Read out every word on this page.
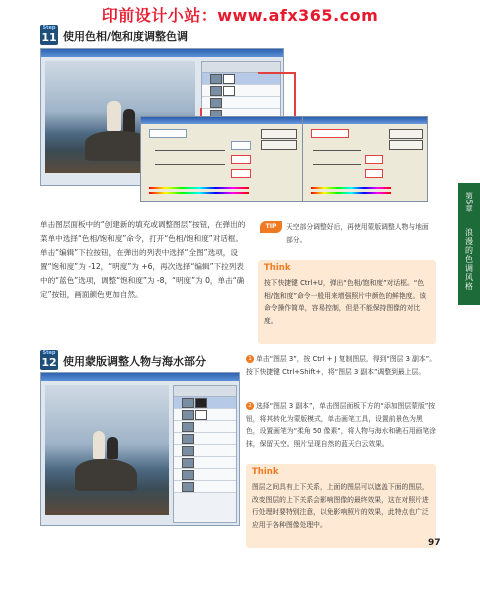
印前设计小站：www.afx365.com
Step
11 使用色相/饱和度调整色调
单击图层面板中的“创建新的填充或调整图层”按钮，在弹出的菜单中选择“色相/饱和度”命令，打开“色相/饱和度”对话框。单击“编辑”下拉按钮，在弹出的列表中选择“全图”选项，设置“饱和度”为 -12，“明度”为 +6，再次选择“编辑”下拉列表中的“蓝色”选项，调整“饱和度”为 -8，“明度”为 0，单击“确定”按钮，画面颜色更加自然。
TIP	天空部分调整好后，再使用蒙版调整人物与地面部分。
Think
按下快捷键 Ctrl+U，弹出“色相/饱和度”对话框。“色相/饱和度”命令一般用来增强照片中颜色的鲜艳度。该命令操作简单，容易控制，但是不能保持图像的对比度。
Step
12 使用蒙版调整人物与海水部分	1 单击“图层 3”，按 Ctrl + J 复制图层，得到“图层 3 副本”。按下快捷键 Ctrl+Shift+，将“图层 3 副本”调整到最上层。
2 选择“图层 3 副本”，单击图层面板下方的“添加图层蒙版”按钮，将其转化为蒙版模式，单击画笔工具，设置前景色为黑色，设置画笔为“柔角 50 像素”，将人物与海水和礁石用画笔涂抹，保留天空。照片呈现自然的蓝天白云效果。
Think
图层之间具有上下关系，上面的图层可以遮盖下面的图层，改变图层的上下关系会影响图像的最终效果，这在对照片进行处理时要特别注意，以免影响照片的效果，此特点也广泛应用于各种图像处理中。
第5章
浪漫的色调风格
97
